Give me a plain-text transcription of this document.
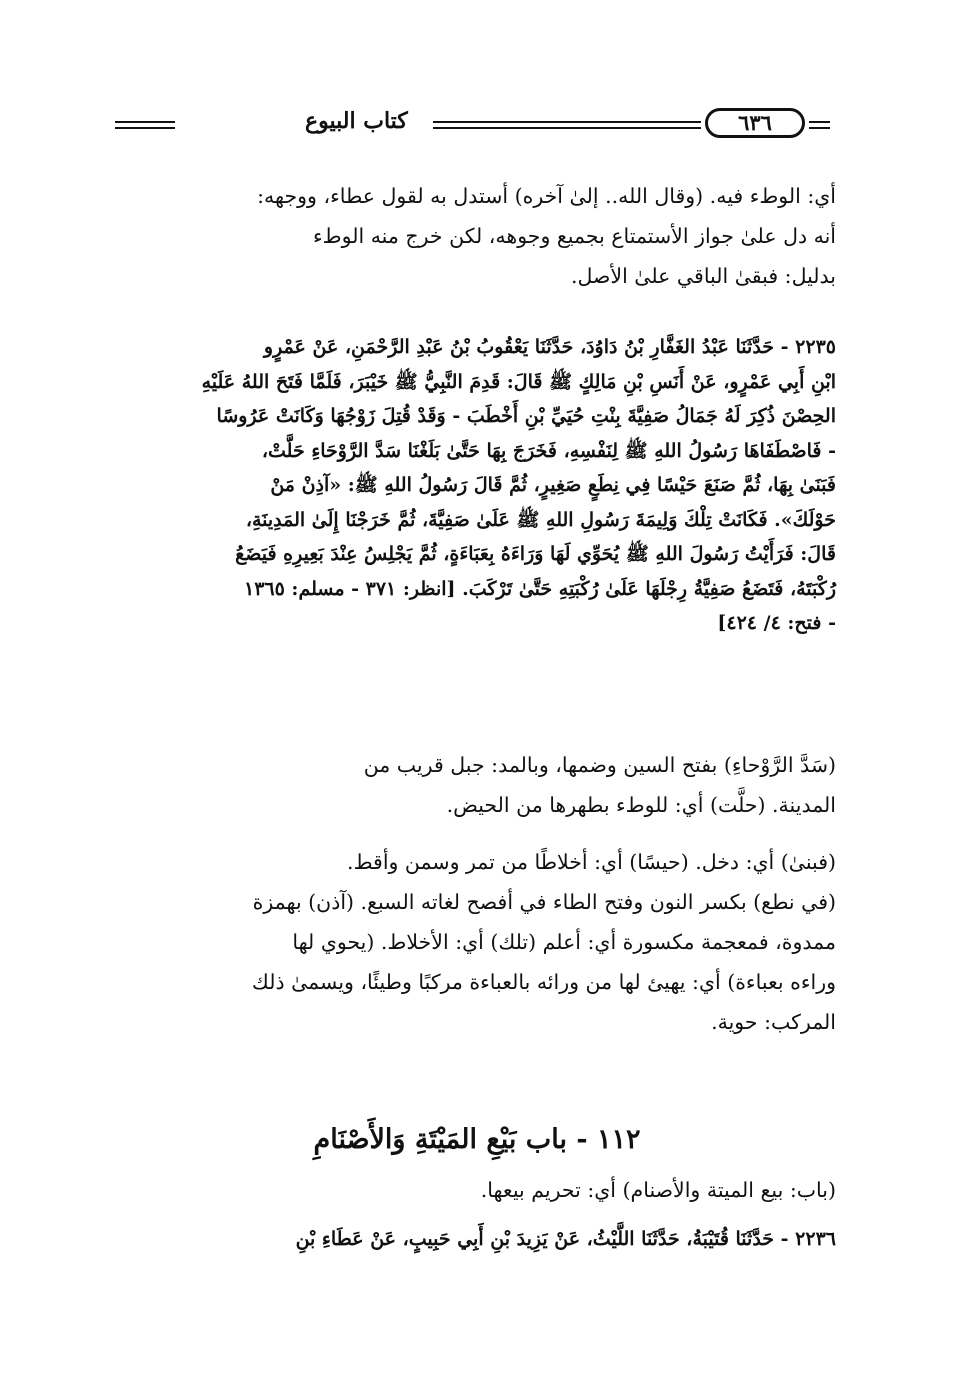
كتاب البيوع	٦٣٦

أي: الوطء فيه. (وقال الله.. إلىٰ آخره) أستدل به لقول عطاء، ووجهه:

أنه دل علىٰ جواز الأستمتاع بجميع وجوهه، لكن خرج منه الوطء

بدليل: فبقىٰ الباقي علىٰ الأصل.

٢٢٣٥ - حَدَّثَنَا عَبْدُ الغَفَّارِ بْنُ دَاوُدَ، حَدَّثَنَا يَعْقُوبُ بْنُ عَبْدِ الرَّحْمَنِ، عَنْ عَمْرٍو

ابْنِ أَبِي عَمْرٍو، عَنْ أَنَسِ بْنِ مَالِكٍ ﷺ قَالَ: قَدِمَ النَّبِيُّ ﷺ خَيْبَرَ، فَلَمَّا فَتَحَ اللهُ عَلَيْهِ

الحِصْنَ ذُكِرَ لَهُ جَمَالُ صَفِيَّةَ بِنْتِ حُيَيِّ بْنِ أَخْطَبَ - وَقَدْ قُتِلَ زَوْجُهَا وَكَانَتْ عَرُوسًا

- فَاصْطَفَاهَا رَسُولُ اللهِ ﷺ لِنَفْسِهِ، فَخَرَجَ بِهَا حَتَّىٰ بَلَغْنَا سَدَّ الرَّوْحَاءِ حَلَّتْ،

فَبَنَىٰ بِهَا، ثُمَّ صَنَعَ حَيْسًا فِي نِطَعٍ صَغِيرٍ، ثُمَّ قَالَ رَسُولُ اللهِ ﷺ: «آذِنْ مَنْ

حَوْلَكَ». فَكَانَتْ تِلْكَ وَلِيمَةَ رَسُولِ اللهِ ﷺ عَلَىٰ صَفِيَّةَ، ثُمَّ خَرَجْنَا إِلَىٰ المَدِينَةِ،

قَالَ: فَرَأَيْتُ رَسُولَ اللهِ ﷺ يُحَوِّي لَهَا وَرَاءَهُ بِعَبَاءَةٍ، ثُمَّ يَجْلِسُ عِنْدَ بَعِيرِهِ فَيَضَعُ

رُكْبَتَهُ، فَتَضَعُ صَفِيَّةُ رِجْلَهَا عَلَىٰ رُكْبَتِهِ حَتَّىٰ تَرْكَبَ. [انظر: ٣٧١ - مسلم: ١٣٦٥

- فتح: ٤/ ٤٢٤]

(سَدَّ الرَّوْحاءِ) بفتح السين وضمها، وبالمد: جبل قريب من

المدينة. (حلَّت) أي: للوطء بطهرها من الحيض.

(فبنىٰ) أي: دخل. (حيسًا) أي: أخلاطًا من تمر وسمن وأقط.

(في نطع) بكسر النون وفتح الطاء في أفصح لغاته السبع. (آذن) بهمزة

ممدوة، فمعجمة مكسورة أي: أعلم (تلك) أي: الأخلاط. (يحوي لها

وراءه بعباءة) أي: يهيئ لها من ورائه بالعباءة مركبًا وطيئًا، ويسمىٰ ذلك

المركب: حوية.

١١٢ - باب بَيْعِ المَيْتَةِ وَالأَصْنَامِ

(باب: بيع الميتة والأصنام) أي: تحريم بيعها.

٢٢٣٦ - حَدَّثَنَا قُتَيْبَةُ، حَدَّثَنَا اللَّيْثُ، عَنْ يَزِيدَ بْنِ أَبِي حَبِيبٍ، عَنْ عَطَاءِ بْنِ
